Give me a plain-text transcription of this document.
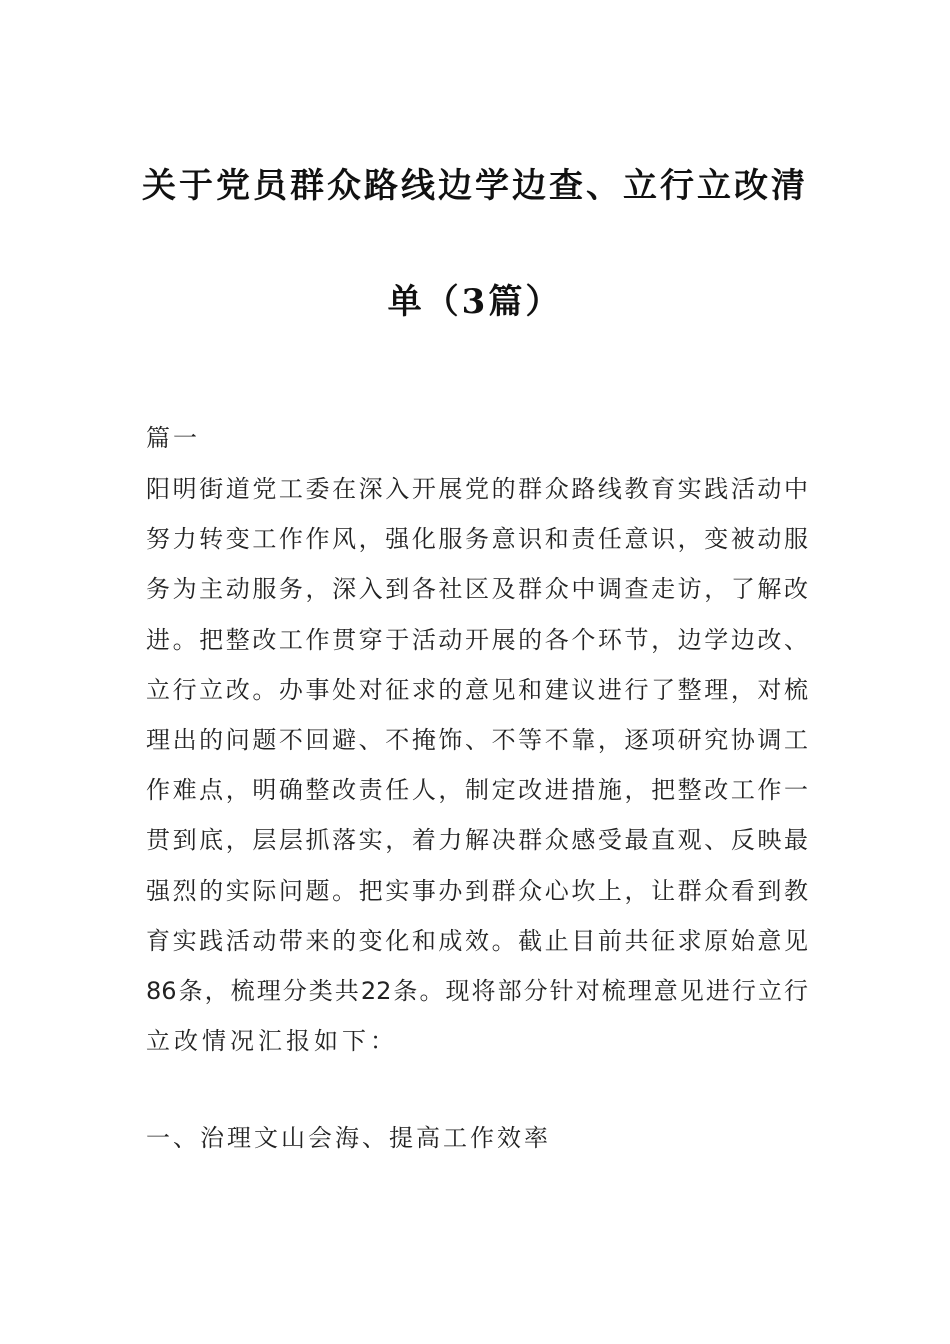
关于党员群众路线边学边查、立行立改清
单（3篇）
篇一
阳明街道党工委在深入开展党的群众路线教育实践活动中
努力转变工作作风，强化服务意识和责任意识，变被动服
务为主动服务，深入到各社区及群众中调查走访，了解改
进。把整改工作贯穿于活动开展的各个环节，边学边改、
立行立改。办事处对征求的意见和建议进行了整理，对梳
理出的问题不回避、不掩饰、不等不靠，逐项研究协调工
作难点，明确整改责任人，制定改进措施，把整改工作一
贯到底，层层抓落实，着力解决群众感受最直观、反映最
强烈的实际问题。把实事办到群众心坎上，让群众看到教
育实践活动带来的变化和成效。截止目前共征求原始意见
86条，梳理分类共22条。现将部分针对梳理意见进行立行
立改情况汇报如下：
一、治理文山会海、提高工作效率
